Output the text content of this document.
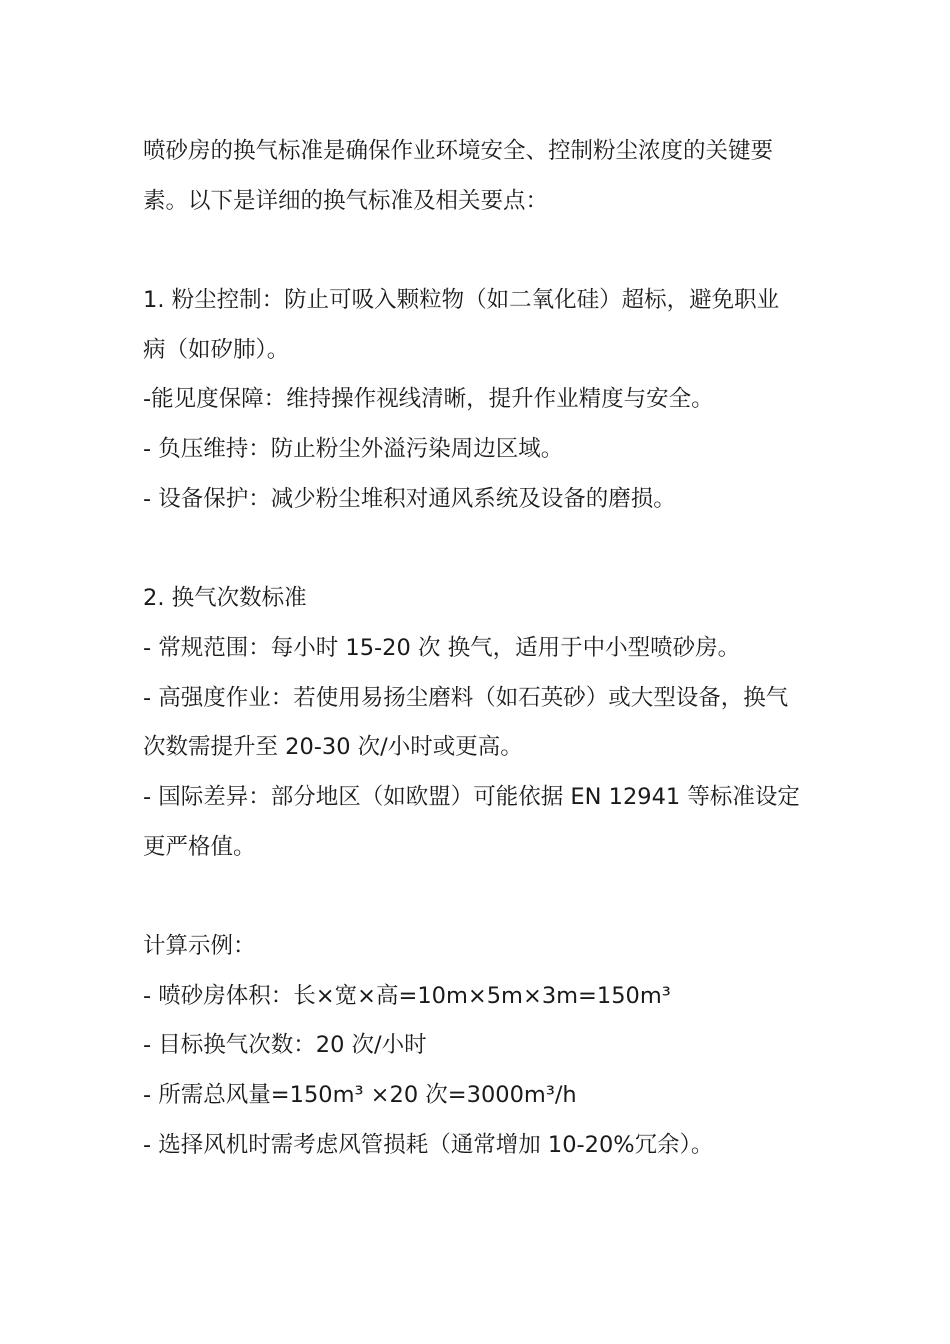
喷砂房的换气标准是确保作业环境安全、控制粉尘浓度的关键要
素。以下是详细的换气标准及相关要点：
1. 粉尘控制：防止可吸入颗粒物（如二氧化硅）超标，避免职业
病（如矽肺）。
-能见度保障：维持操作视线清晰，提升作业精度与安全。
- 负压维持：防止粉尘外溢污染周边区域。
- 设备保护：减少粉尘堆积对通风系统及设备的磨损。
2. 换气次数标准
- 常规范围：每小时 15-20 次 换气，适用于中小型喷砂房。
- 高强度作业：若使用易扬尘磨料（如石英砂）或大型设备，换气
次数需提升至 20-30 次/小时或更高。
- 国际差异：部分地区（如欧盟）可能依据 EN 12941 等标准设定
更严格值。
计算示例：
- 喷砂房体积：长×宽×高=10m×5m×3m=150m³
- 目标换气次数：20 次/小时
- 所需总风量=150m³ ×20 次=3000m³/h
- 选择风机时需考虑风管损耗（通常增加 10-20%冗余）。
